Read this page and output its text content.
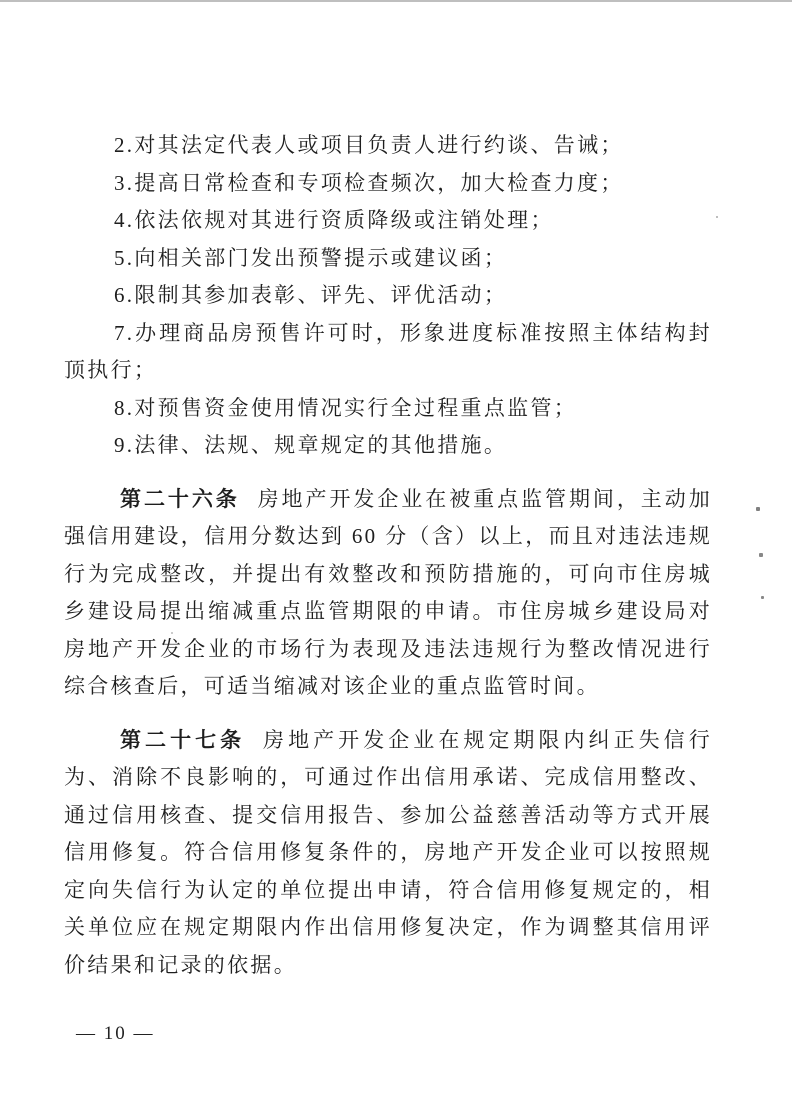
2.对其法定代表人或项目负责人进行约谈、告诫；

3.提高日常检查和专项检查频次，加大检查力度；

4.依法依规对其进行资质降级或注销处理；

5.向相关部门发出预警提示或建议函；

6.限制其参加表彰、评先、评优活动；

7.办理商品房预售许可时，形象进度标准按照主体结构封顶执行；

8.对预售资金使用情况实行全过程重点监管；

9.法律、法规、规章规定的其他措施。

第二十六条 房地产开发企业在被重点监管期间，主动加强信用建设，信用分数达到 60 分（含）以上，而且对违法违规行为完成整改，并提出有效整改和预防措施的，可向市住房城乡建设局提出缩减重点监管期限的申请。市住房城乡建设局对房地产开发企业的市场行为表现及违法违规行为整改情况进行综合核查后，可适当缩减对该企业的重点监管时间。

第二十七条 房地产开发企业在规定期限内纠正失信行为、消除不良影响的，可通过作出信用承诺、完成信用整改、通过信用核查、提交信用报告、参加公益慈善活动等方式开展信用修复。符合信用修复条件的，房地产开发企业可以按照规定向失信行为认定的单位提出申请，符合信用修复规定的，相关单位应在规定期限内作出信用修复决定，作为调整其信用评价结果和记录的依据。

— 10 —
